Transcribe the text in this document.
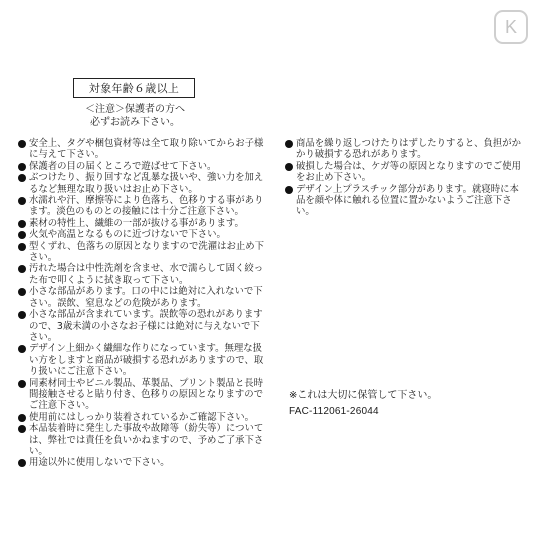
K
対象年齢６歳以上
＜注意＞保護者の方へ
必ずお読み下さい。

安全上、タグや梱包資材等は全て取り除いてからお子様に与えて下さい。

保護者の目の届くところで遊ばせて下さい。

ぶつけたり、振り回すなど乱暴な扱いや、強い力を加えるなど無理な取り扱いはお止め下さい。

水濡れや汗、摩擦等により色落ち、色移りする事があります。淡色のものとの接触には十分ご注意下さい。

素材の特性上、繊維の一部が抜ける事があります。

火気や高温となるものに近づけないで下さい。

型くずれ、色落ちの原因となりますので洗濯はお止め下さい。

汚れた場合は中性洗剤を含ませ、水で濡らして固く絞った布で叩くように拭き取って下さい。

小さな部品があります。口の中には絶対に入れないで下さい。誤飲、窒息などの危険があります。

小さな部品が含まれています。誤飲等の恐れがありますので、3歳未満の小さなお子様には絶対に与えないで下さい。

デザイン上細かく繊細な作りになっています。無理な扱い方をしますと商品が破損する恐れがありますので、取り扱いにご注意下さい。

同素材同士やビニル製品、革製品、プリント製品と長時間接触させると貼り付き、色移りの原因となりますのでご注意下さい。

使用前にはしっかり装着されているかご確認下さい。

本品装着時に発生した事故や故障等（紛失等）については、弊社では責任を負いかねますので、予めご了承下さい。

用途以外に使用しないで下さい。

商品を繰り返しつけたりはずしたりすると、負担がかかり破損する恐れがあります。

破損した場合は、ケガ等の原因となりますのでご使用をお止め下さい。

デザイン上プラスチック部分があります。就寝時に本品を顔や体に触れる位置に置かないようご注意下さい。

※これは大切に保管して下さい。
FAC-112061-26044
